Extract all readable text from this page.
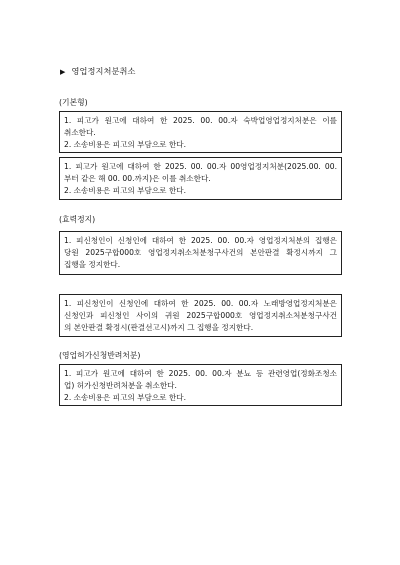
▶ 영업정지처분취소
(기본형)
1. 피고가 원고에 대하여 한 2025. 00. 00.자 숙박업영업정지처분은 이를
취소한다.
2. 소송비용은 피고의 부담으로 한다.
1. 피고가 원고에 대하여 한 2025. 00. 00.자 00영업정지처분(2025.00. 00.
부터 같은 해 00. 00.까지)은 이를 취소한다.
2. 소송비용은 피고의 부담으로 한다.
(효력정지)
1. 피신청인이 신청인에 대하여 한 2025. 00. 00.자 영업정지처분의 집행은
당원 2025구합000호 영업정지취소처분청구사건의 본안판결 확정시까지 그
집행을 정지한다.
1. 피신청인이 신청인에 대하여 한 2025. 00. 00.자 노래방영업정지처분은
신청인과 피신청인 사이의 귀원 2025구합000호 영업정지취소처분청구사건
의 본안판결 확정시(판결선고시)까지 그 집행을 정지한다.
(영업허가신청반려처분)
1. 피고가 원고에 대하여 한 2025. 00. 00.자 분뇨 등 관련영업(정화조청소
업) 허가신청반려처분을 취소한다.
2. 소송비용은 피고의 부담으로 한다.
